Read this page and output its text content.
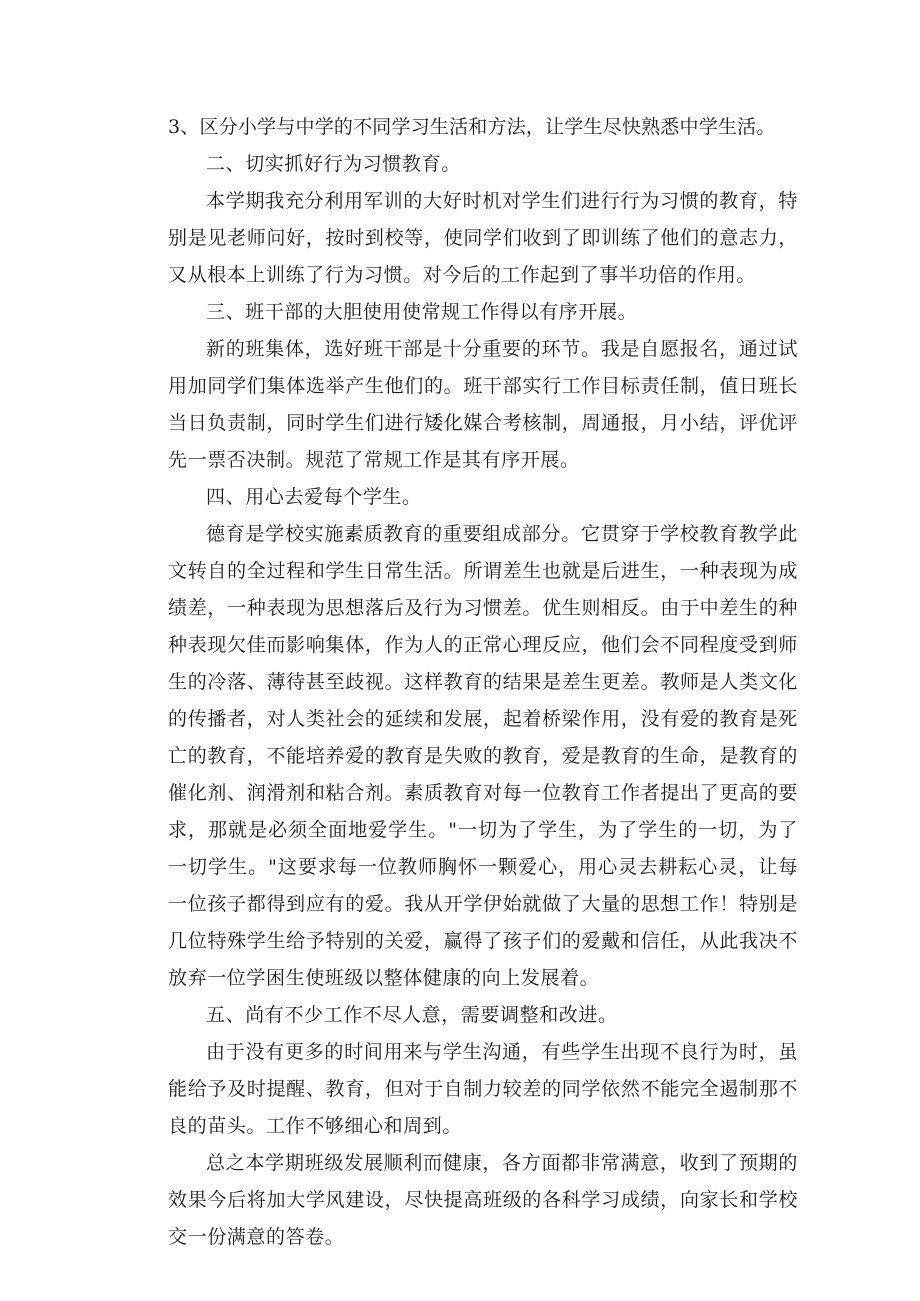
3、区分小学与中学的不同学习生活和方法，让学生尽快熟悉中学生活。

二、切实抓好行为习惯教育。

本学期我充分利用军训的大好时机对学生们进行行为习惯的教育，特别是见老师问好，按时到校等，使同学们收到了即训练了他们的意志力，又从根本上训练了行为习惯。对今后的工作起到了事半功倍的作用。

三、班干部的大胆使用使常规工作得以有序开展。

新的班集体，选好班干部是十分重要的环节。我是自愿报名，通过试用加同学们集体选举产生他们的。班干部实行工作目标责任制，值日班长当日负责制，同时学生们进行矮化媒合考核制，周通报，月小结，评优评先一票否决制。规范了常规工作是其有序开展。

四、用心去爱每个学生。

德育是学校实施素质教育的重要组成部分。它贯穿于学校教育教学此文转自的全过程和学生日常生活。所谓差生也就是后进生，一种表现为成绩差，一种表现为思想落后及行为习惯差。优生则相反。由于中差生的种种表现欠佳而影响集体，作为人的正常心理反应，他们会不同程度受到师生的冷落、薄待甚至歧视。这样教育的结果是差生更差。教师是人类文化的传播者，对人类社会的延续和发展，起着桥梁作用，没有爱的教育是死亡的教育，不能培养爱的教育是失败的教育，爱是教育的生命，是教育的催化剂、润滑剂和粘合剂。素质教育对每一位教育工作者提出了更高的要求，那就是必须全面地爱学生。"一切为了学生，为了学生的一切，为了一切学生。"这要求每一位教师胸怀一颗爱心，用心灵去耕耘心灵，让每一位孩子都得到应有的爱。我从开学伊始就做了大量的思想工作！特别是几位特殊学生给予特别的关爱，赢得了孩子们的爱戴和信任，从此我决不放弃一位学困生使班级以整体健康的向上发展着。

五、尚有不少工作不尽人意，需要调整和改进。

由于没有更多的时间用来与学生沟通，有些学生出现不良行为时，虽能给予及时提醒、教育，但对于自制力较差的同学依然不能完全遏制那不良的苗头。工作不够细心和周到。

总之本学期班级发展顺利而健康，各方面都非常满意，收到了预期的效果今后将加大学风建设，尽快提高班级的各科学习成绩，向家长和学校交一份满意的答卷。
